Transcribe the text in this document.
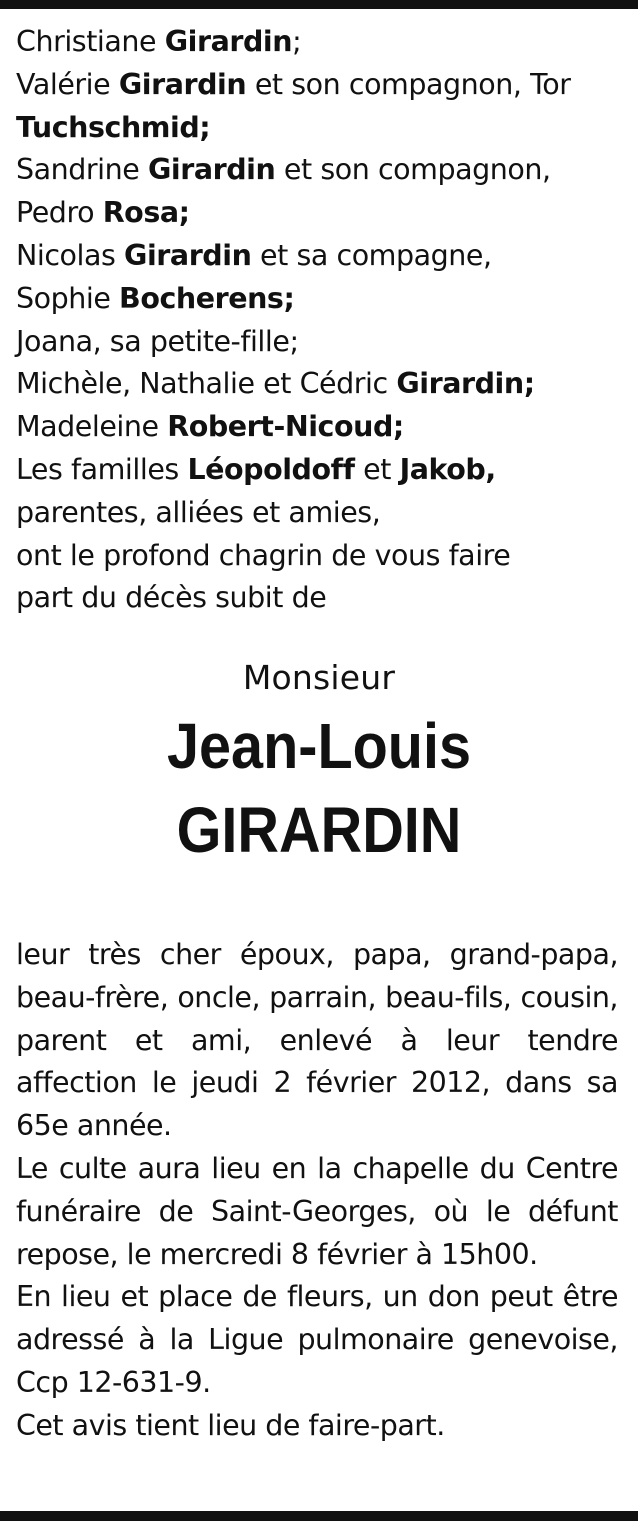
Christiane Girardin;
Valérie Girardin et son compagnon, Tor
Tuchschmid;
Sandrine Girardin et son compagnon,
Pedro Rosa;
Nicolas Girardin et sa compagne,
Sophie Bocherens;
Joana, sa petite-fille;
Michèle, Nathalie et Cédric Girardin;
Madeleine Robert-Nicoud;
Les familles Léopoldoff et Jakob,
parentes, alliées et amies,
ont le profond chagrin de vous faire
part du décès subit de
Monsieur
Jean-Louis
GIRARDIN
leur très cher époux, papa, grand-papa, beau-frère, oncle, parrain, beau-fils, cousin, parent et ami, enlevé à leur tendre affection le jeudi 2 février 2012, dans sa 65e année.
Le culte aura lieu en la chapelle du Centre funéraire de Saint-Georges, où le défunt repose, le mercredi 8 février à 15h00.
En lieu et place de fleurs, un don peut être adressé à la Ligue pulmonaire genevoise, Ccp 12-631-9.
Cet avis tient lieu de faire-part.
